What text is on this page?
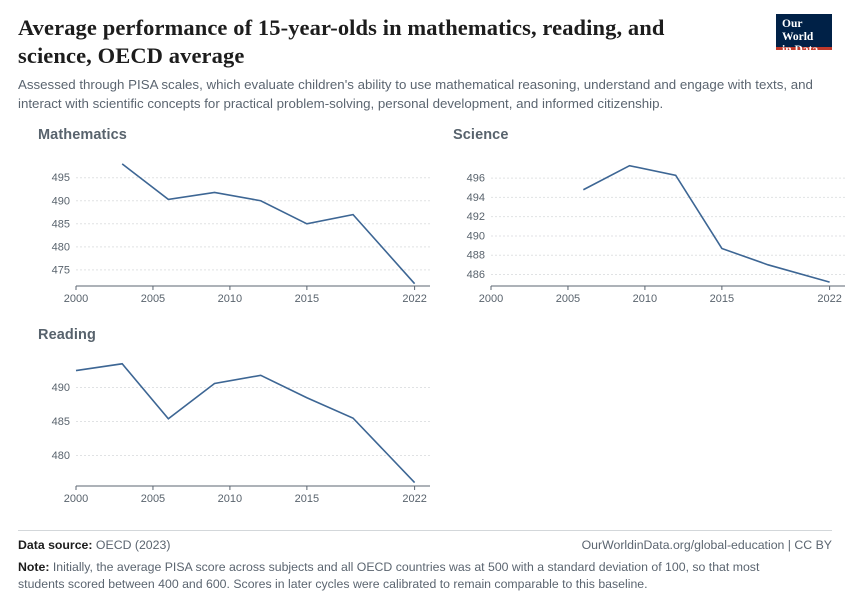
Average performance of 15-year-olds in mathematics, reading, and science, OECD average

Assessed through PISA scales, which evaluate children's ability to use mathematical reasoning, understand and engage with texts, and interact with scientific concepts for practical problem-solving, personal development, and informed citizenship.

Our World
in Data
Mathematics
475
480
485
490
495
2000	2005	2010	2015	2022
Science
486
488
490
492
494
496
2000	2005	2010	2015	2022
Reading
480
485
490
2000	2005	2010	2015	2022
Data source: OECD (2023)	OurWorldinData.org/global-education | CC BY
Note: Initially, the average PISA score across subjects and all OECD countries was at 500 with a standard deviation of 100, so that most students scored between 400 and 600. Scores in later cycles were calibrated to remain comparable to this baseline.
